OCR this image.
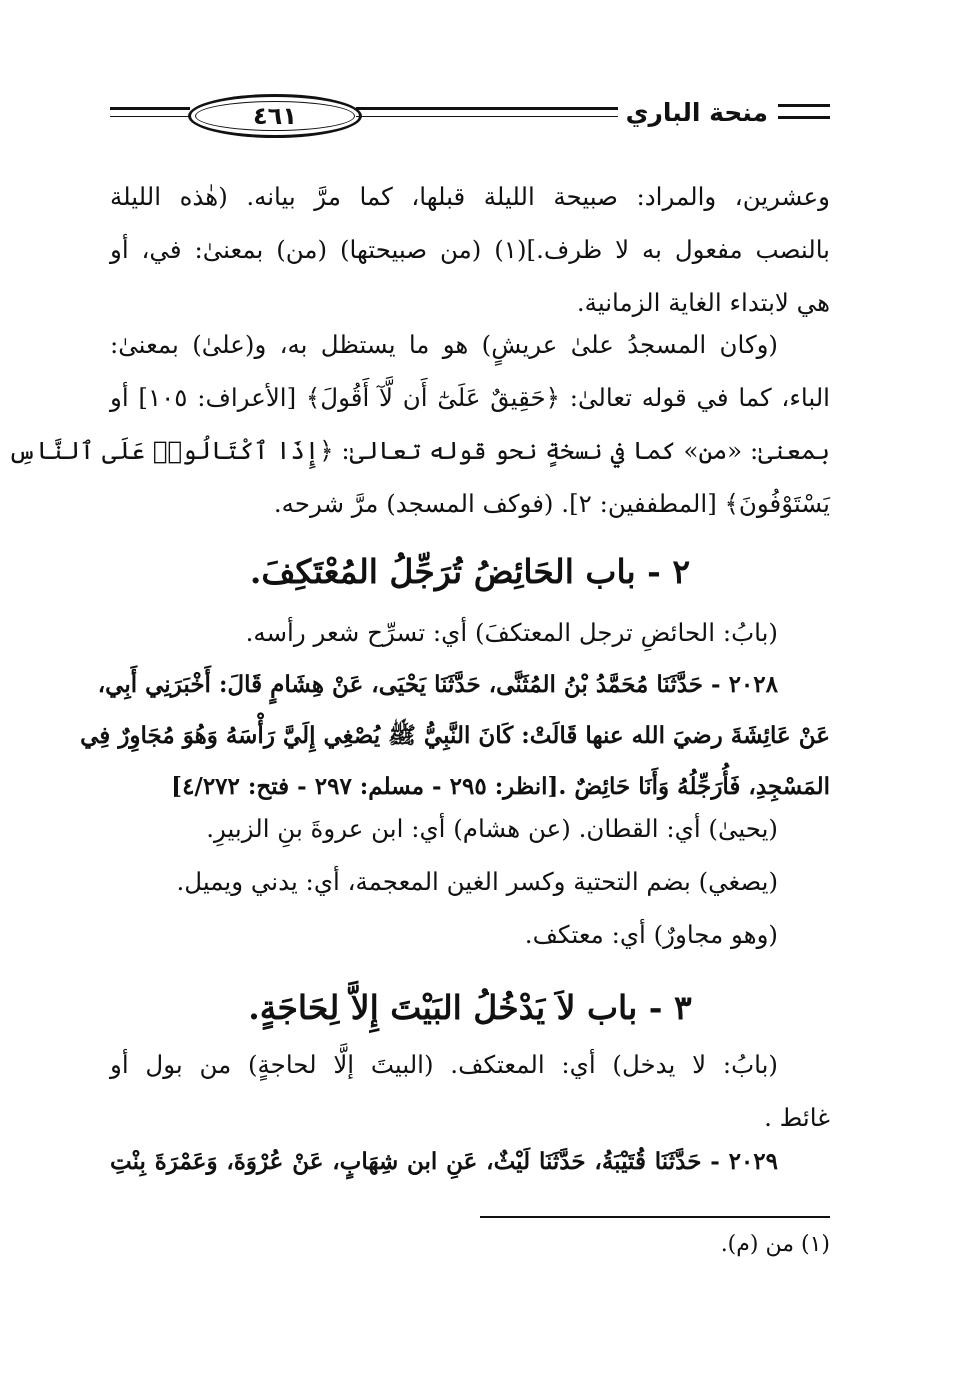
٤٦١	منحة الباري
وعشرين، والمراد: صبيحة الليلة قبلها، كما مرَّ بيانه. (هٰذه الليلة
بالنصب مفعول به لا ظرف.](١) (من صبيحتها) (من) بمعنىٰ: في، أو
هي لابتداء الغاية الزمانية.
(وكان المسجدُ علىٰ عريشٍ) هو ما يستظل به، و(علىٰ) بمعنىٰ:
الباء، كما في قوله تعالىٰ: ﴿حَقِيقٌ عَلَىٰٓ أَن لَّآ أَقُولَ﴾ [الأعراف: ١٠٥] أو
بمعنىٰ: «من» كما في نسخةٍ نحو قوله تعالىٰ: ﴿إِذَا ٱكْتَالُوا۟ عَلَى ٱلنَّاسِ
يَسْتَوْفُونَ﴾ [المطففين: ٢]. (فوكف المسجد) مرَّ شرحه.
٢ - باب الحَائِضُ تُرَجِّلُ المُعْتَكِفَ.
(بابُ: الحائضِ ترجل المعتكفَ) أي: تسرِّح شعر رأسه.
٢٠٢٨ - حَدَّثَنَا مُحَمَّدُ بْنُ المُثَنَّى، حَدَّثَنَا يَحْيَى، عَنْ هِشَامٍ قَالَ: أَخْبَرَنِي أَبِي،
عَنْ عَائِشَةَ رضيَ الله عنها قَالَتْ: كَانَ النَّبِيُّ ﷺ يُصْغِي إِلَيَّ رَأْسَهُ وَهُوَ مُجَاوِرٌ فِي
المَسْجِدِ، فَأُرَجِّلُهُ وَأَنَا حَائِضٌ .[انظر: ٢٩٥ - مسلم: ٢٩٧ - فتح: ٤/٢٧٢]
(يحيىٰ) أي: القطان. (عن هشام) أي: ابن عروةَ بنِ الزبيرِ.
(يصغي) بضم التحتية وكسر الغين المعجمة، أي: يدني ويميل.
(وهو مجاورٌ) أي: معتكف.
٣ - باب لاَ يَدْخُلُ البَيْتَ إِلاَّ لِحَاجَةٍ.
(بابُ: لا يدخل) أي: المعتكف. (البيتَ إلَّا لحاجةٍ) من بول أو
غائط .
٢٠٢٩ - حَدَّثَنَا قُتَيْبَةُ، حَدَّثَنَا لَيْثٌ، عَنِ ابن شِهَابٍ، عَنْ عُرْوَةَ، وَعَمْرَةَ بِنْتِ
(١) من (م).
